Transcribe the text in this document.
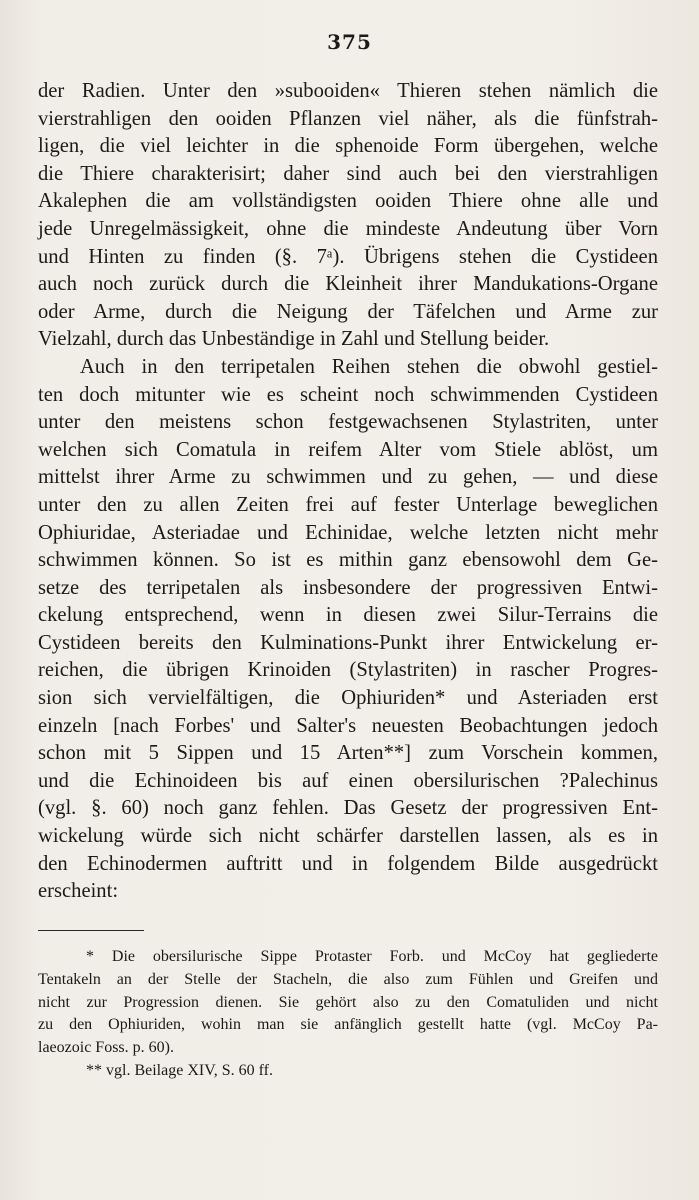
375
der Radien. Unter den »subooiden« Thieren stehen nämlich die
vierstrahligen den ooiden Pflanzen viel näher, als die fünfstrah-
ligen, die viel leichter in die sphenoide Form übergehen, welche
die Thiere charakterisirt; daher sind auch bei den vierstrahligen
Akalephen die am vollständigsten ooiden Thiere ohne alle und
jede Unregelmässigkeit, ohne die mindeste Andeutung über Vorn
und Hinten zu finden (§. 7ᵃ). Übrigens stehen die Cystideen
auch noch zurück durch die Kleinheit ihrer Mandukations-Organe
oder Arme, durch die Neigung der Täfelchen und Arme zur
Vielzahl, durch das Unbeständige in Zahl und Stellung beider.
Auch in den terripetalen Reihen stehen die obwohl gestiel-
ten doch mitunter wie es scheint noch schwimmenden Cystideen
unter den meistens schon festgewachsenen Stylastriten, unter
welchen sich Comatula in reifem Alter vom Stiele ablöst, um
mittelst ihrer Arme zu schwimmen und zu gehen, — und diese
unter den zu allen Zeiten frei auf fester Unterlage beweglichen
Ophiuridae, Asteriadae und Echinidae, welche letzten nicht mehr
schwimmen können. So ist es mithin ganz ebensowohl dem Ge-
setze des terripetalen als insbesondere der progressiven Entwi-
ckelung entsprechend, wenn in diesen zwei Silur-Terrains die
Cystideen bereits den Kulminations-Punkt ihrer Entwickelung er-
reichen, die übrigen Krinoiden (Stylastriten) in rascher Progres-
sion sich vervielfältigen, die Ophiuriden* und Asteriaden erst
einzeln [nach Forbes' und Salter's neuesten Beobachtungen jedoch
schon mit 5 Sippen und 15 Arten**] zum Vorschein kommen,
und die Echinoideen bis auf einen obersilurischen ?Palechinus
(vgl. §. 60) noch ganz fehlen. Das Gesetz der progressiven Ent-
wickelung würde sich nicht schärfer darstellen lassen, als es in
den Echinodermen auftritt und in folgendem Bilde ausgedrückt
erscheint:
* Die obersilurische Sippe Protaster Forb. und McCoy hat gegliederte
Tentakeln an der Stelle der Stacheln, die also zum Fühlen und Greifen und
nicht zur Progression dienen. Sie gehört also zu den Comatuliden und nicht
zu den Ophiuriden, wohin man sie anfänglich gestellt hatte (vgl. McCoy Pa-
laeozoic Foss. p. 60).
** vgl. Beilage XIV, S. 60 ff.
